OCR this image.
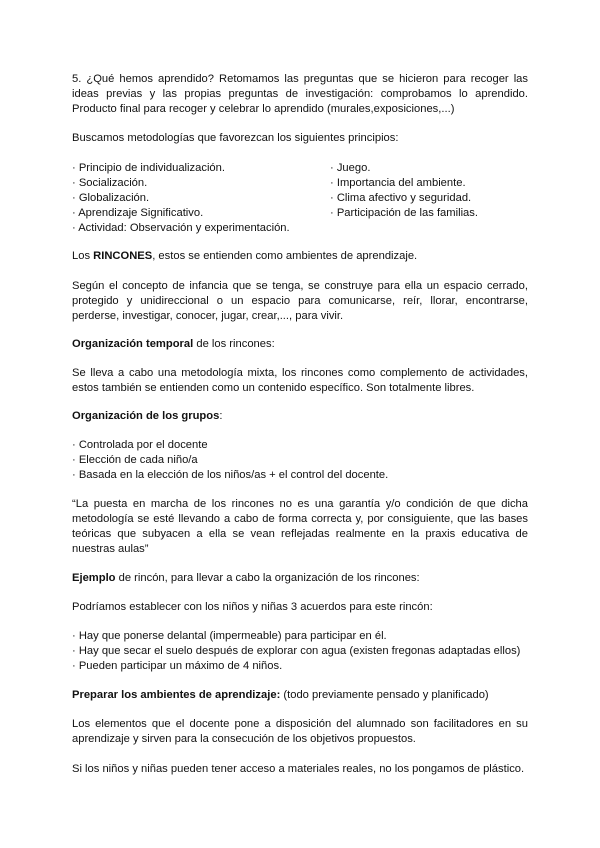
5. ¿Qué hemos aprendido? Retomamos las preguntas que se hicieron para recoger las ideas previas y las propias preguntas de investigación: comprobamos lo aprendido. Producto final para recoger y celebrar lo aprendido (murales,exposiciones,...)

Buscamos metodologías que favorezcan los siguientes principios:

· Principio de individualización.
· Socialización.
· Globalización.
· Aprendizaje Significativo.
· Actividad: Observación y experimentación.
· Juego.
· Importancia del ambiente.
· Clima afectivo y seguridad.
· Participación de las familias.

Los RINCONES, estos se entienden como ambientes de aprendizaje.

Según el concepto de infancia que se tenga, se construye para ella un espacio cerrado, protegido y unidireccional o un espacio para comunicarse, reír, llorar, encontrarse, perderse, investigar, conocer, jugar, crear,..., para vivir.

Organización temporal de los rincones:

Se lleva a cabo una metodología mixta, los rincones como complemento de actividades, estos también se entienden como un contenido específico. Son totalmente libres.

Organización de los grupos:

· Controlada por el docente
· Elección de cada niño/a
· Basada en la elección de los niños/as + el control del docente.

“La puesta en marcha de los rincones no es una garantía y/o condición de que dicha metodología se esté llevando a cabo de forma correcta y, por consiguiente, que las bases teóricas que subyacen a ella se vean reflejadas realmente en la praxis educativa de nuestras aulas”

Ejemplo de rincón, para llevar a cabo la organización de los rincones:

Podríamos establecer con los niños y niñas 3 acuerdos para este rincón:

· Hay que ponerse delantal (impermeable) para participar en él.
· Hay que secar el suelo después de explorar con agua (existen fregonas adaptadas ellos)
· Pueden participar un máximo de 4 niños.

Preparar los ambientes de aprendizaje: (todo previamente pensado y planificado)

Los elementos que el docente pone a disposición del alumnado son facilitadores en su aprendizaje y sirven para la consecución de los objetivos propuestos.

Si los niños y niñas pueden tener acceso a materiales reales, no los pongamos de plástico.
